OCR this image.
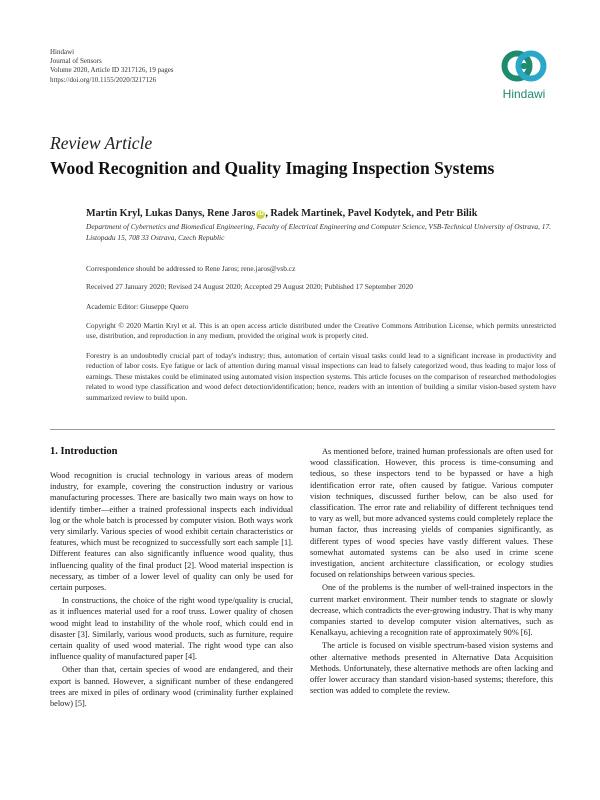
Hindawi
Journal of Sensors
Volume 2020, Article ID 3217126, 19 pages
https://doi.org/10.1155/2020/3217126
Hindawi
Review Article
Wood Recognition and Quality Imaging Inspection Systems
Martin Kryl, Lukas Danys, Rene Jaros iD , Radek Martinek, Pavel Kodytek, and Petr Bilik
Department of Cybernetics and Biomedical Engineering, Faculty of Electrical Engineering and Computer Science, VSB-Technical University of Ostrava, 17. Listopadu 15, 708 33 Ostrava, Czech Republic
Correspondence should be addressed to Rene Jaros; rene.jaros@vsb.cz
Received 27 January 2020; Revised 24 August 2020; Accepted 29 August 2020; Published 17 September 2020
Academic Editor: Giuseppe Quero
Copyright © 2020 Martin Kryl et al. This is an open access article distributed under the Creative Commons Attribution License, which permits unrestricted use, distribution, and reproduction in any medium, provided the original work is properly cited.
Forestry is an undoubtedly crucial part of today's industry; thus, automation of certain visual tasks could lead to a significant increase in productivity and reduction of labor costs. Eye fatigue or lack of attention during manual visual inspections can lead to falsely categorized wood, thus leading to major loss of earnings. These mistakes could be eliminated using automated vision inspection systems. This article focuses on the comparison of researched methodologies related to wood type classification and wood defect detection/identification; hence, readers with an intention of building a similar vision-based system have summarized review to build upon.
1. Introduction

Wood recognition is crucial technology in various areas of modern industry, for example, covering the construction industry or various manufacturing processes. There are basically two main ways on how to identify timber—either a trained professional inspects each individual log or the whole batch is processed by computer vision. Both ways work very similarly. Various species of wood exhibit certain characteristics or features, which must be recognized to successfully sort each sample [1]. Different features can also significantly influence wood quality, thus influencing quality of the final product [2]. Wood material inspection is necessary, as timber of a lower level of quality can only be used for certain purposes.

In constructions, the choice of the right wood type/quality is crucial, as it influences material used for a roof truss. Lower quality of chosen wood might lead to instability of the whole roof, which could end in disaster [3]. Similarly, various wood products, such as furniture, require certain quality of used wood material. The right wood type can also influence quality of manufactured paper [4].

Other than that, certain species of wood are endangered, and their export is banned. However, a significant number of these endangered trees are mixed in piles of ordinary wood (criminality further explained below) [5].

As mentioned before, trained human professionals are often used for wood classification. However, this process is time-consuming and tedious, so these inspectors tend to be bypassed or have a high identification error rate, often caused by fatigue. Various computer vision techniques, discussed further below, can be also used for classification. The error rate and reliability of different techniques tend to vary as well, but more advanced systems could completely replace the human factor, thus increasing yields of companies significantly, as different types of wood species have vastly different values. These somewhat automated systems can be also used in crime scene investigation, ancient architecture classification, or ecology studies focused on relationships between various species.

One of the problems is the number of well-trained inspectors in the current market environment. Their number tends to stagnate or slowly decrease, which contradicts the ever-growing industry. That is why many companies started to develop computer vision alternatives, such as Kenalkayu, achieving a recognition rate of approximately 90% [6].

The article is focused on visible spectrum-based vision systems and other alternative methods presented in Alternative Data Acquisition Methods. Unfortunately, these alternative methods are often lacking and offer lower accuracy than standard vision-based systems; therefore, this section was added to complete the review.
